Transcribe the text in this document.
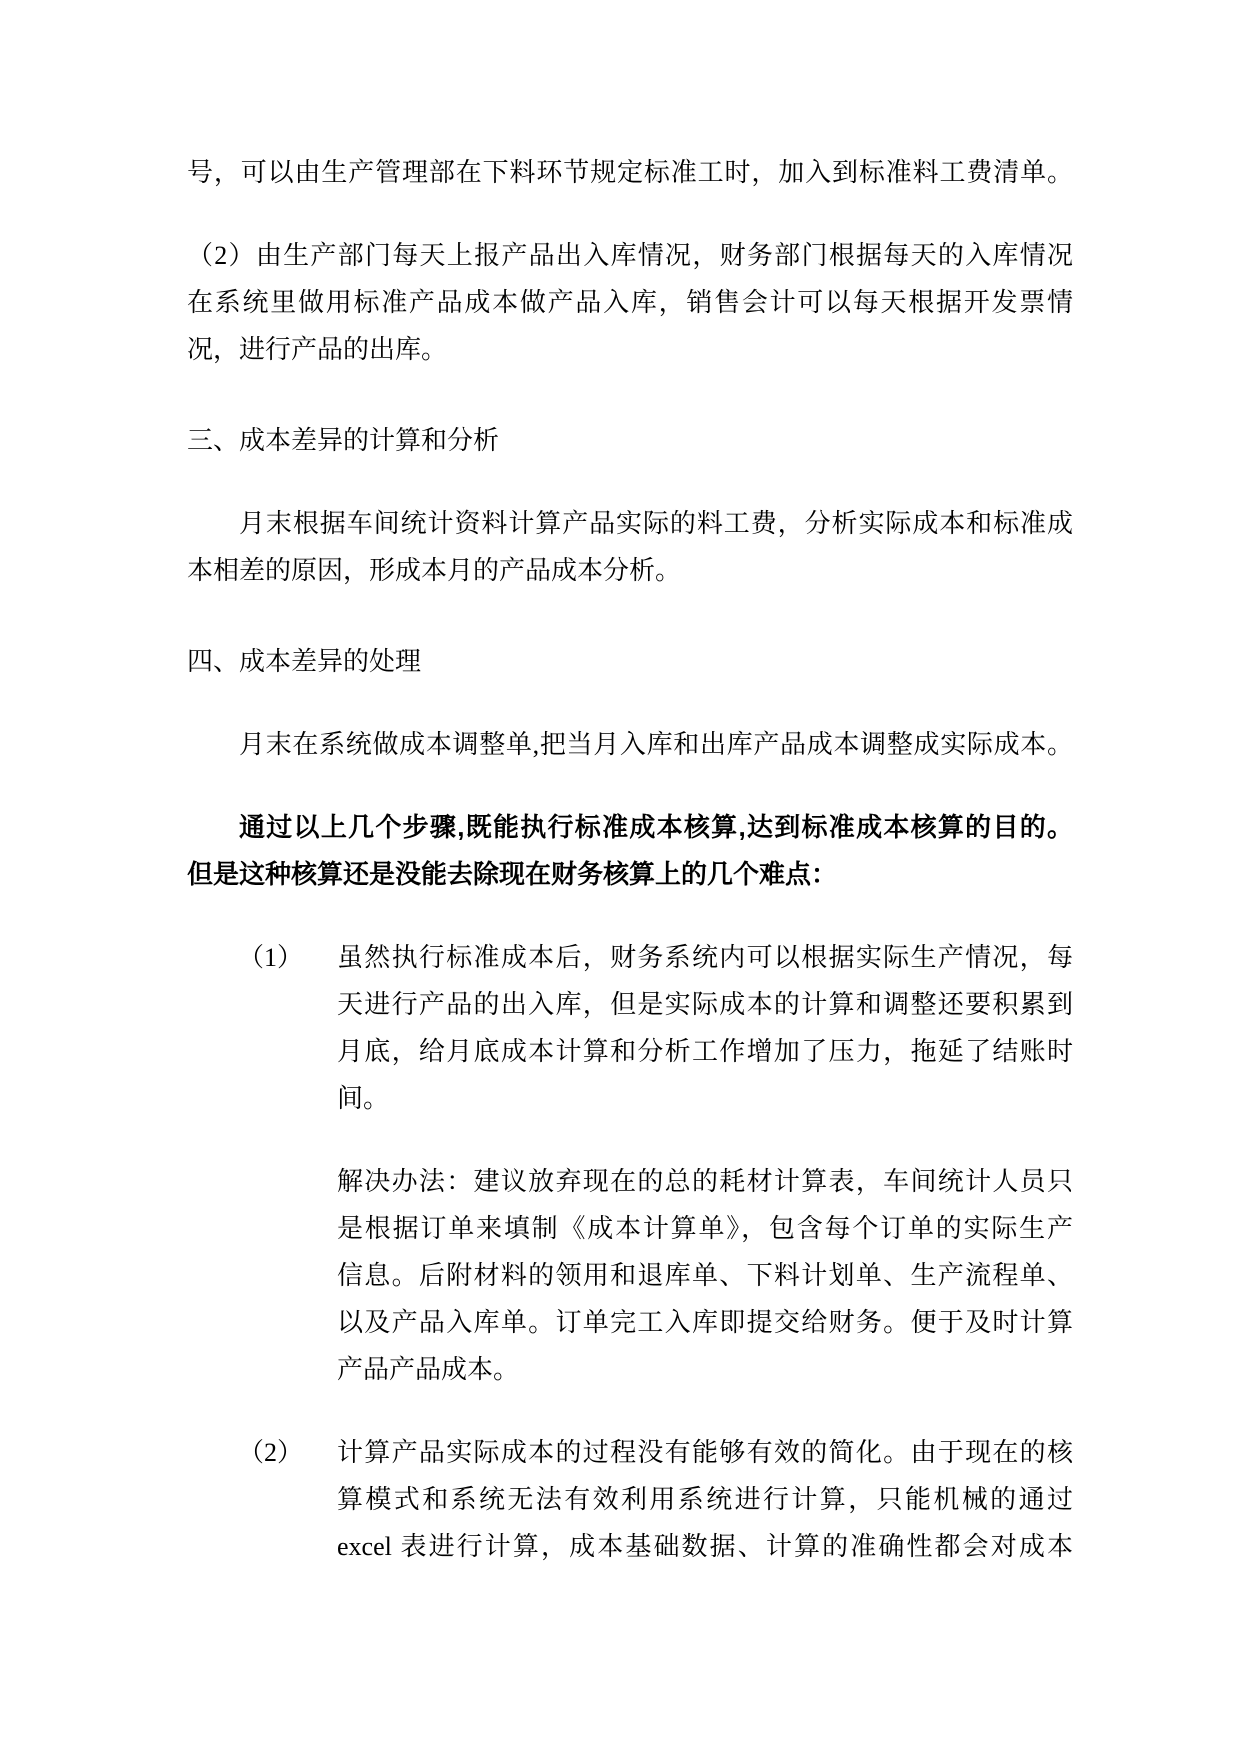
号，可以由生产管理部在下料环节规定标准工时，加入到标准料工费清单。
（2）由生产部门每天上报产品出入库情况，财务部门根据每天的入库情况
在系统里做用标准产品成本做产品入库，销售会计可以每天根据开发票情
况，进行产品的出库。
三、成本差异的计算和分析
月末根据车间统计资料计算产品实际的料工费，分析实际成本和标准成
本相差的原因，形成本月的产品成本分析。
四、成本差异的处理
月末在系统做成本调整单,把当月入库和出库产品成本调整成实际成本。
通过以上几个步骤,既能执行标准成本核算,达到标准成本核算的目的。
但是这种核算还是没能去除现在财务核算上的几个难点：
（1）	虽然执行标准成本后，财务系统内可以根据实际生产情况，每
天进行产品的出入库，但是实际成本的计算和调整还要积累到
月底，给月底成本计算和分析工作增加了压力，拖延了结账时
间。
解决办法：建议放弃现在的总的耗材计算表，车间统计人员只
是根据订单来填制《成本计算单》，包含每个订单的实际生产
信息。后附材料的领用和退库单、下料计划单、生产流程单、
以及产品入库单。订单完工入库即提交给财务。便于及时计算
产品产品成本。
（2）	计算产品实际成本的过程没有能够有效的简化。由于现在的核
算模式和系统无法有效利用系统进行计算，只能机械的通过
excel 表进行计算，成本基础数据、计算的准确性都会对成本
